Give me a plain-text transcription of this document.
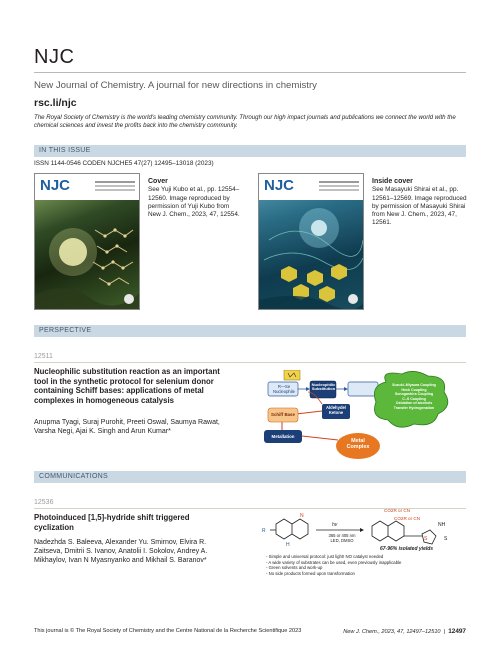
NJC
New Journal of Chemistry. A journal for new directions in chemistry
rsc.li/njc
The Royal Society of Chemistry is the world's leading chemistry community. Through our high impact journals and publications we connect the world with the chemical sciences and invest the profits back into the chemistry community.
IN THIS ISSUE
ISSN 1144-0546 CODEN NJCHE5 47(27) 12495–13018 (2023)
NJC	Cover
See Yuji Kubo et al., pp. 12554–12560. Image reproduced by permission of Yuji Kubo from New J. Chem., 2023, 47, 12554.
NJC	Inside cover
See Masayuki Shirai et al., pp. 12561–12569. Image reproduced by permission of Masayuki Shirai from New J. Chem., 2023, 47, 12561.
PERSPECTIVE
12511
Nucleophilic substitution reaction as an important tool in the synthetic protocol for selenium donor containing Schiff bases: applications of metal complexes in homogeneous catalysis
Anupma Tyagi, Suraj Purohit, Preeti Oswal, Saumya Rawat, Varsha Negi, Ajai K. Singh and Arun Kumar*
R—Se
Nucleophile
Nucleophilic
Substitution
Aldehyde/
Ketone
Schiff Base
Metallation
Metal
Complex
Suzuki–Miyaura Coupling
Heck Coupling
Sonogashira Coupling
C–S Coupling
Oxidation of alcohols
Transfer Hydrogenation
COMMUNICATIONS
12536
Photoinduced [1,5]-hydride shift triggered cyclization
Nadezhda S. Baleeva, Alexander Yu. Smirnov, Elvira R. Zaitseva, Dmitrii S. Ivanov, Anatolii I. Sokolov, Andrey A. Mikhaylov, Ivan N Myasnyanko and Mikhail S. Baranov*
R
N
H
S
NH
S
hv
365 or 405 nm
LED, DMSO
CO2R or CN
CO2R or CN
67-96% isolated yields
- Simple and universal protocol: just light! NO catalyst needed
- A wide variety of substrates can be used, even previously inapplicable
- Green solvents and work-up
- No side products formed upon transformation
This journal is © The Royal Society of Chemistry and the Centre National de la Recherche Scientifique 2023	New J. Chem., 2023, 47, 12497–12510  |  12497
